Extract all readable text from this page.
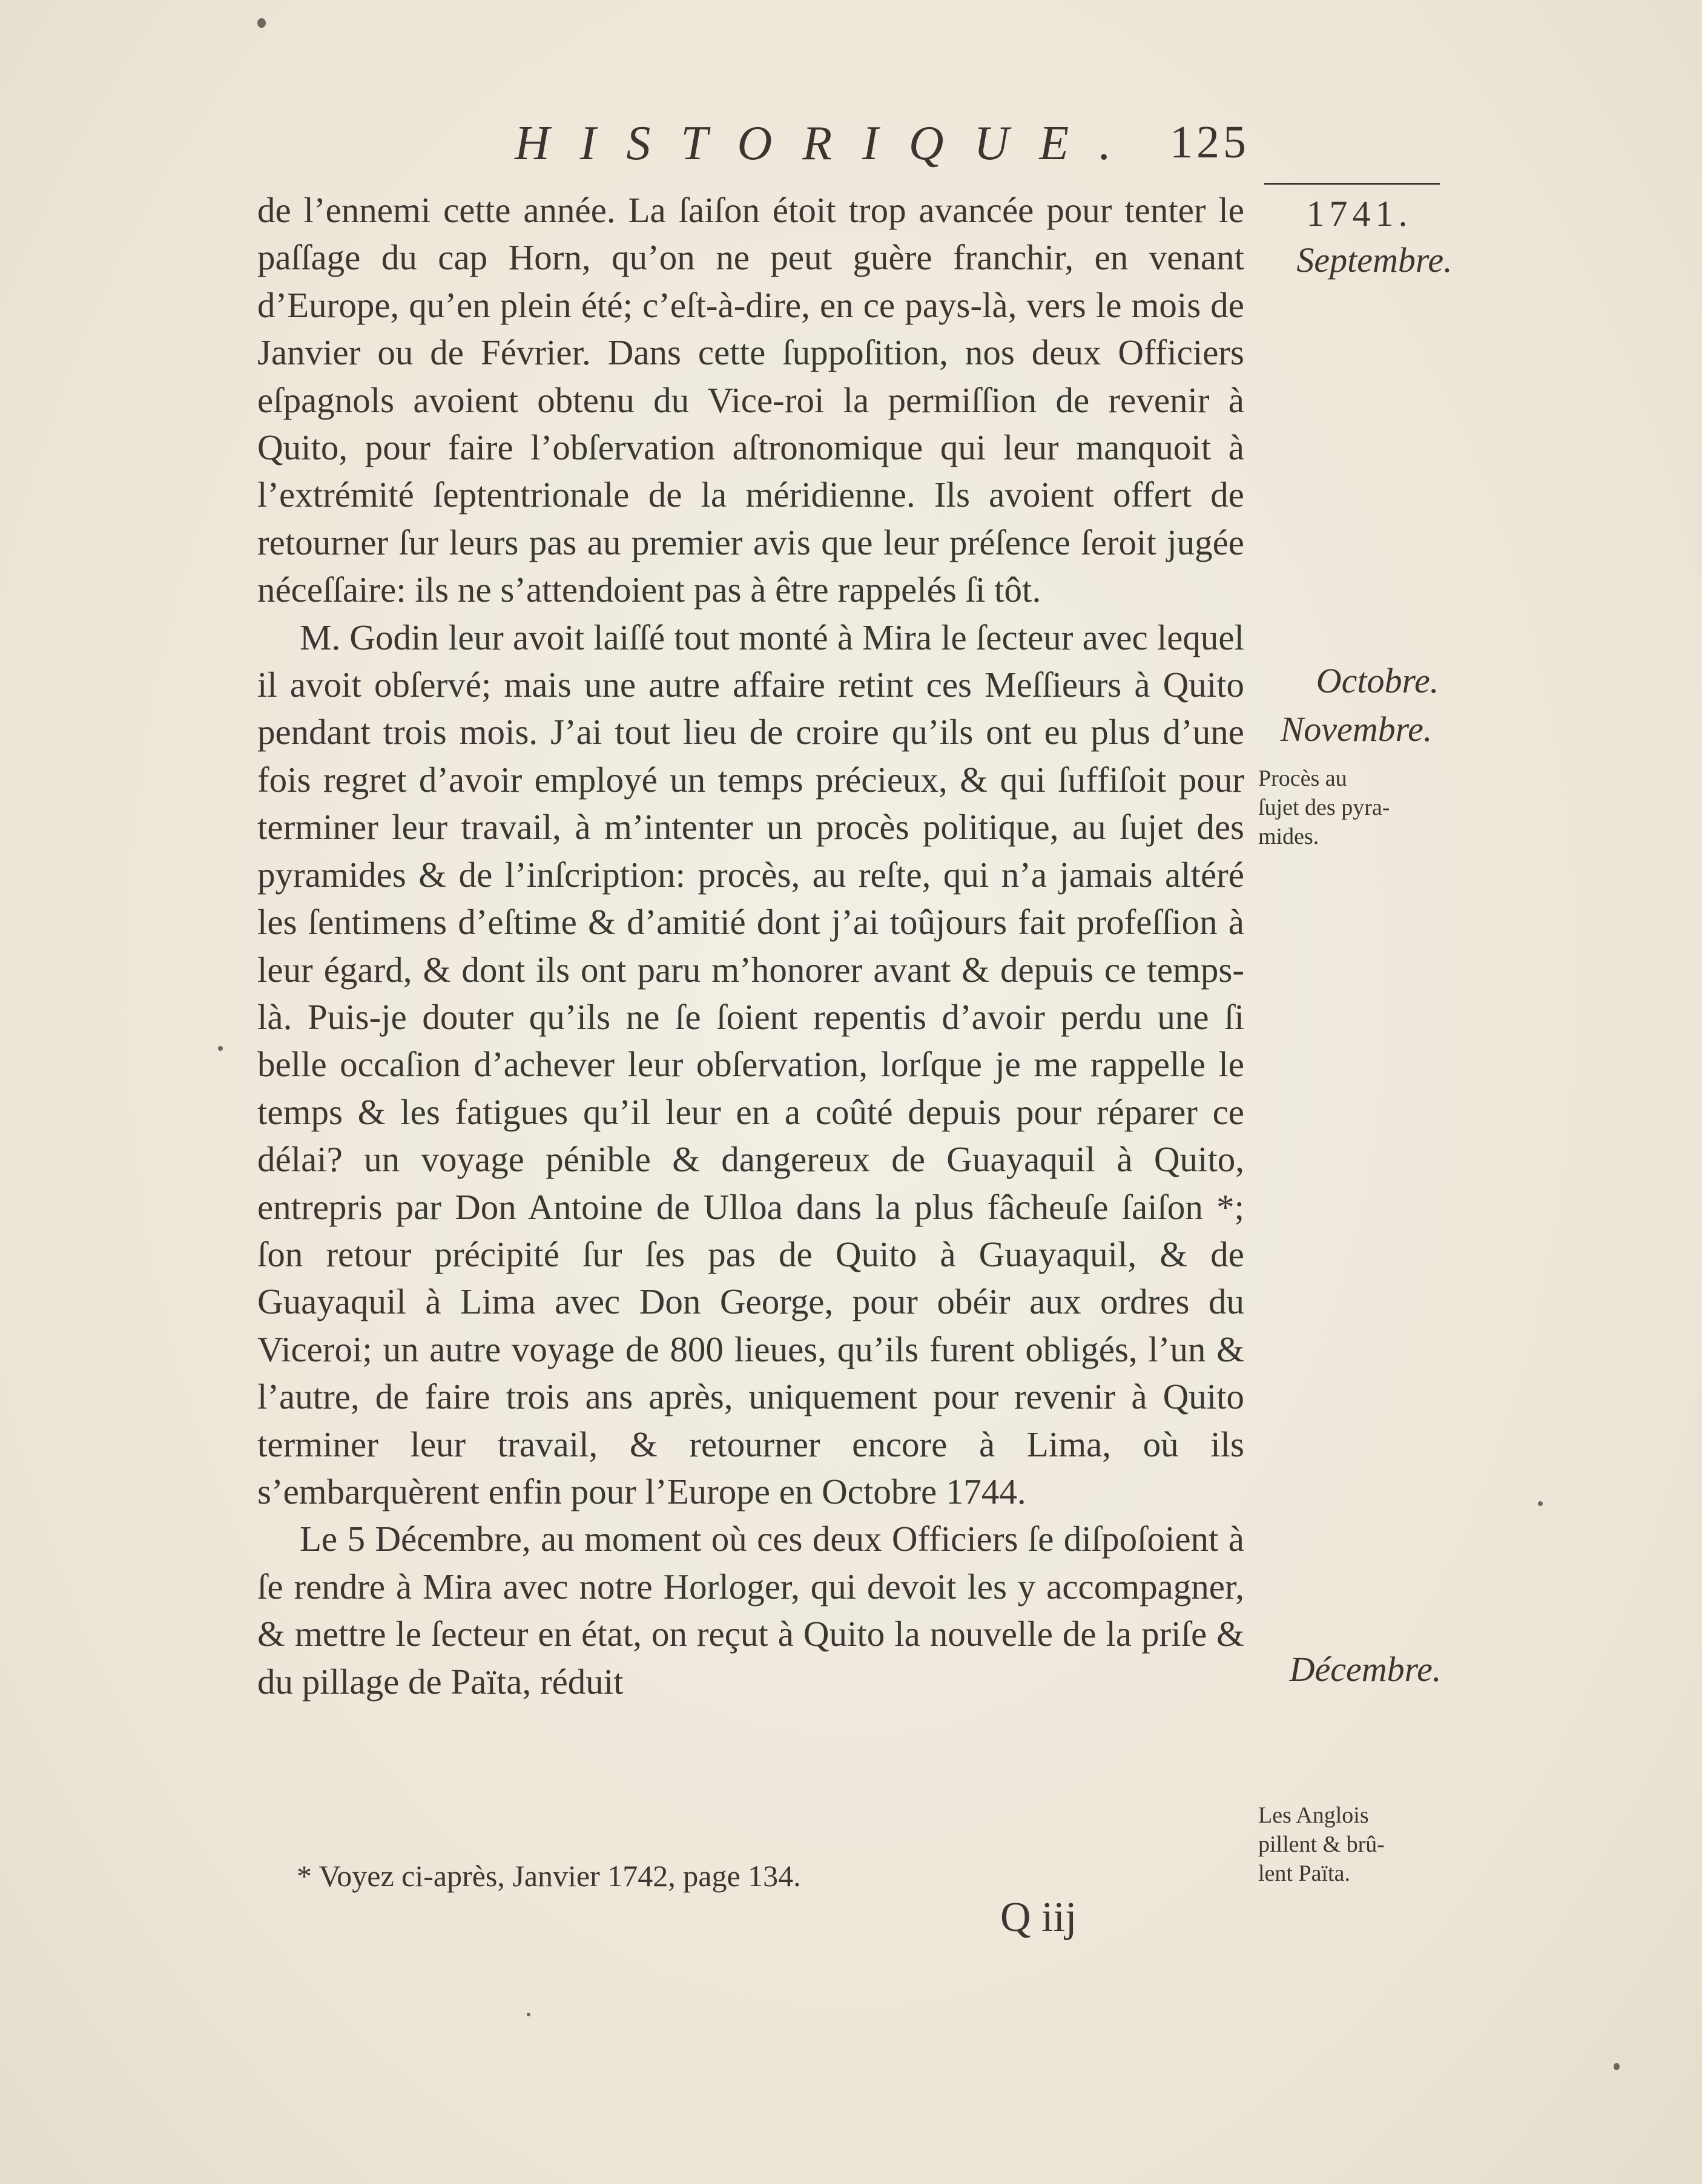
HISTORIQUE. 125

de l’ennemi cette année. La ſaiſon étoit trop avancée pour tenter le paſſage du cap Horn, qu’on ne peut guère franchir, en venant d’Europe, qu’en plein été; c’eſt-à-dire, en ce pays-là, vers le mois de Janvier ou de Février. Dans cette ſuppoſition, nos deux Officiers eſpagnols avoient obtenu du Vice-roi la permiſſion de revenir à Quito, pour faire l’obſervation aſtronomique qui leur manquoit à l’extrémité ſeptentrionale de la méridienne. Ils avoient offert de retourner ſur leurs pas au premier avis que leur préſence ſeroit jugée néceſſaire: ils ne s’attendoient pas à être rappelés ſi tôt.

M. Godin leur avoit laiſſé tout monté à Mira le ſecteur avec lequel il avoit obſervé; mais une autre affaire retint ces Meſſieurs à Quito pendant trois mois. J’ai tout lieu de croire qu’ils ont eu plus d’une fois regret d’avoir employé un temps précieux, & qui ſuffiſoit pour terminer leur travail, à m’intenter un procès politique, au ſujet des pyramides & de l’inſcription: procès, au reſte, qui n’a jamais altéré les ſentimens d’eſtime & d’amitié dont j’ai toûjours fait profeſſion à leur égard, & dont ils ont paru m’honorer avant & depuis ce temps-là. Puis-je douter qu’ils ne ſe ſoient repentis d’avoir perdu une ſi belle occaſion d’achever leur obſervation, lorſque je me rappelle le temps & les fatigues qu’il leur en a coûté depuis pour réparer ce délai? un voyage pénible & dangereux de Guayaquil à Quito, entrepris par Don Antoine de Ulloa dans la plus fâcheuſe ſaiſon *; ſon retour précipité ſur ſes pas de Quito à Guayaquil, & de Guayaquil à Lima avec Don George, pour obéir aux ordres du Viceroi; un autre voyage de 800 lieues, qu’ils furent obligés, l’un & l’autre, de faire trois ans après, uniquement pour revenir à Quito terminer leur travail, & retourner encore à Lima, où ils s’embarquèrent enfin pour l’Europe en Octobre 1744.

Le 5 Décembre, au moment où ces deux Officiers ſe diſpoſoient à ſe rendre à Mira avec notre Horloger, qui devoit les y accompagner, & mettre le ſecteur en état, on reçut à Quito la nouvelle de la priſe & du pillage de Païta, réduit

* Voyez ci-après, Janvier 1742, page 134.
Q iij
1741.
Septembre.
Octobre.
Novembre.
Décembre.
Procès au
ſujet des pyra-
mides.
Les Anglois
pillent & brû-
lent Païta.
